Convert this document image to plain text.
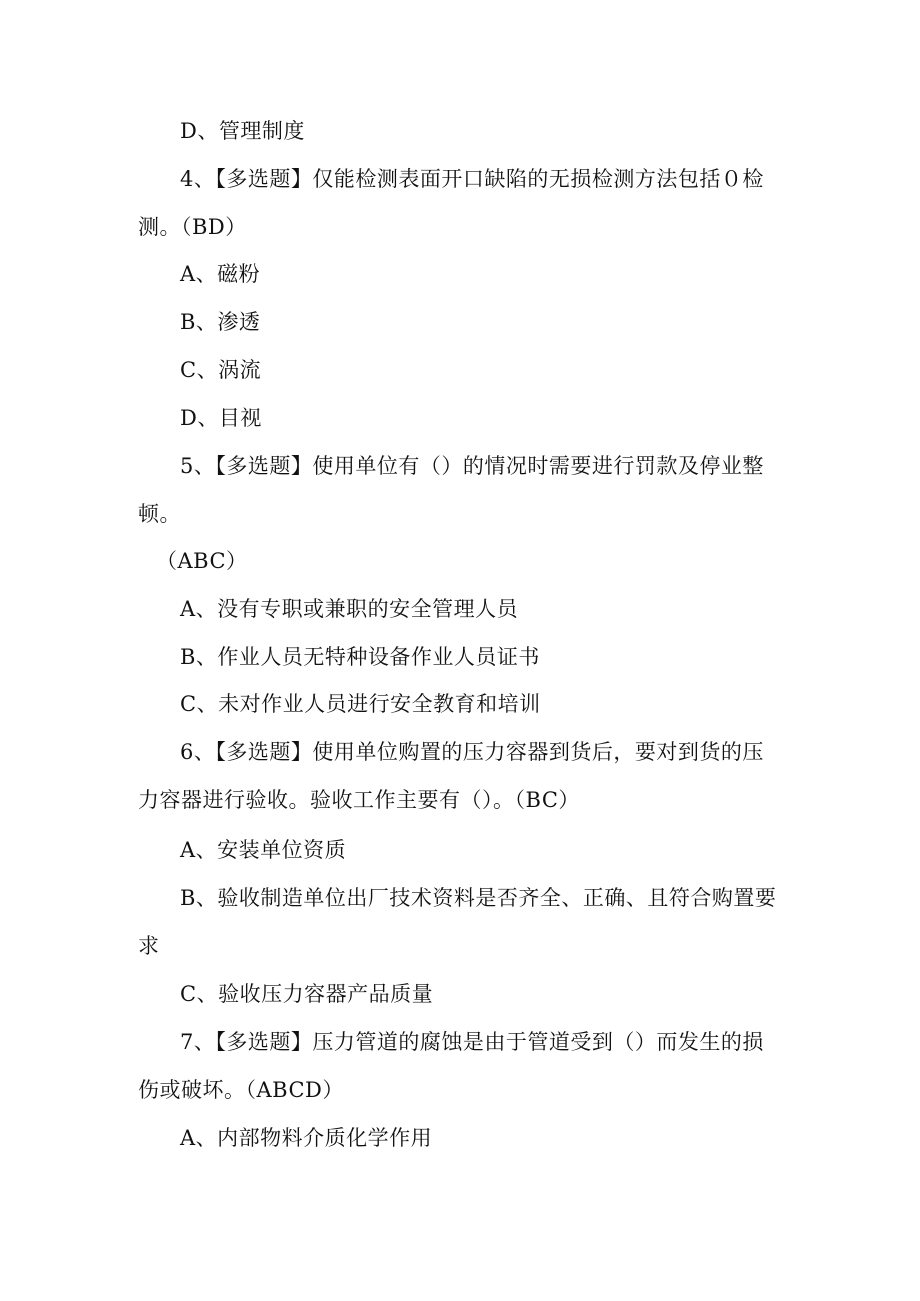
D、管理制度
4、【多选题】仅能检测表面开口缺陷的无损检测方法包括０检
测。（BD）
A、磁粉
B、渗透
C、涡流
D、目视
5、【多选题】使用单位有（）的情况时需要进行罚款及停业整
顿。
（ABC）
A、没有专职或兼职的安全管理人员
B、作业人员无特种设备作业人员证书
C、未对作业人员进行安全教育和培训
6、【多选题】使用单位购置的压力容器到货后，要对到货的压
力容器进行验收。验收工作主要有（）。（BC）
A、安装单位资质
B、验收制造单位出厂技术资料是否齐全、正确、且符合购置要
求
C、验收压力容器产品质量
7、【多选题】压力管道的腐蚀是由于管道受到（）而发生的损
伤或破坏。（ABCD）
A、内部物料介质化学作用
